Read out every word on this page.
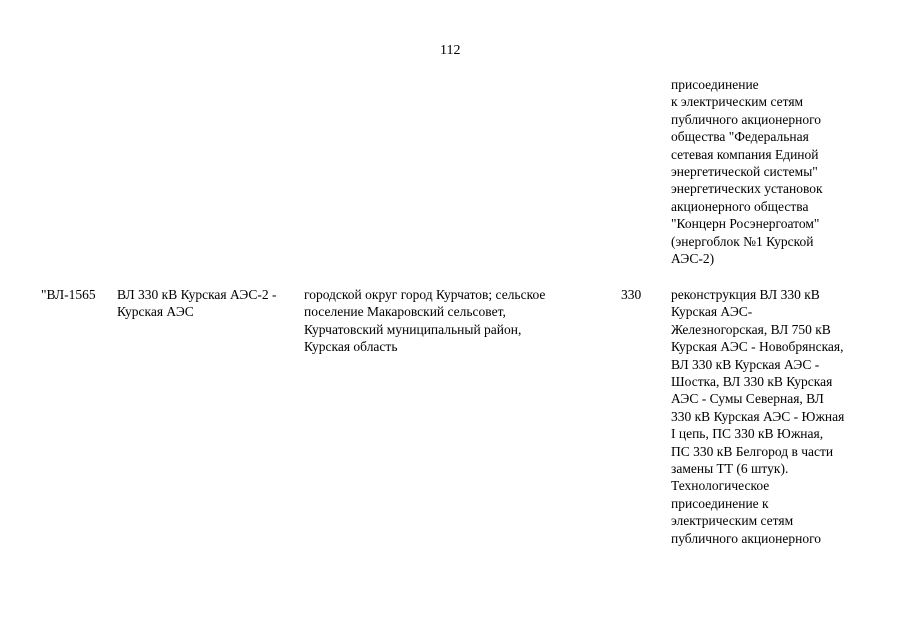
112
присоединение
к электрическим сетям
публичного акционерного
общества "Федеральная
сетевая компания Единой
энергетической системы"
энергетических установок
акционерного общества
"Концерн Росэнергоатом"
(энергоблок №1 Курской
АЭС-2)
"ВЛ-1565	ВЛ 330 кВ Курская АЭС-2 -
Курская АЭС
городской округ город Курчатов; сельское
поселение Макаровский сельсовет,
Курчатовский муниципальный район,
Курская область
330	реконструкция ВЛ 330 кВ
Курская АЭС-
Железногорская, ВЛ 750 кВ
Курская АЭС - Новобрянская,
ВЛ 330 кВ Курская АЭС -
Шостка, ВЛ 330 кВ Курская
АЭС - Сумы Северная, ВЛ
330 кВ Курская АЭС - Южная
I цепь, ПС 330 кВ Южная,
ПС 330 кВ Белгород в части
замены ТТ (6 штук).
Технологическое
присоединение к
электрическим сетям
публичного акционерного
